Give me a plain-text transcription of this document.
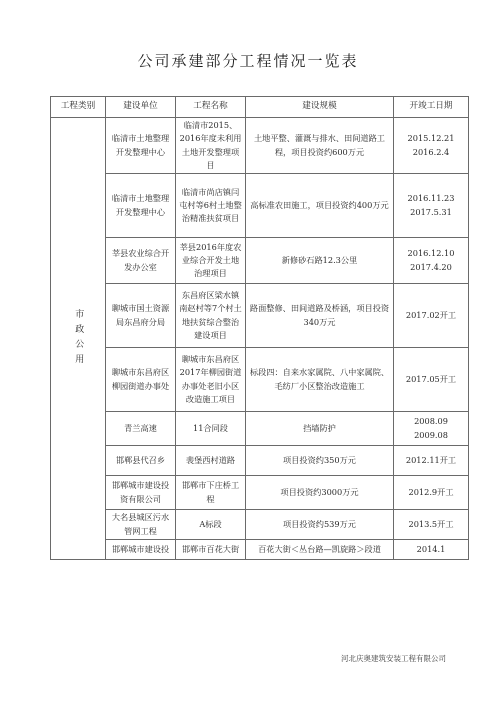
公司承建部分工程情况一览表
工程类别	建设单位	工程名称	建设规模	开竣工日期
市政公用	临清市土地整理开发整理中心	临清市2015、2016年度未利用土地开发整理项目	土地平整、灌溉与排水、田间道路工程，项目投资约600万元	2015.12.21
2016.2.4

	临清市土地整理开发整理中心	临清市尚店镇闫屯村等6村土地整治精准扶贫项目	高标准农田施工，项目投资约400万元	2016.11.23
2017.5.31

	莘县农业综合开发办公室	莘县2016年度农业综合开发土地治理项目	新修砂石路12.3公里	2016.12.10
2017.4.20

	聊城市国土资源局东昌府分局	东昌府区梁水镇南赵村等7个村土地扶贫综合整治建设项目	路面整修、田间道路及桥涵，项目投资340万元	2017.02开工

	聊城市东昌府区柳园街道办事处	聊城市东昌府区2017年柳园街道办事处老旧小区改造施工项目	标段四：自来水家属院、八中家属院、毛纺厂小区整治改造施工	2017.05开工

	青兰高速	11合同段	挡墙防护	2008.09
2009.08

	邯郸县代召乡	裴堡西村道路	项目投资约350万元	2012.11开工

	邯郸城市建设投资有限公司	邯郸市下庄桥工程	项目投资约3000万元	2012.9开工

	大名县城区污水管网工程	A标段	项目投资约539万元	2013.5开工

	邯郸城市建设投	邯郸市百花大街	百花大街＜丛台路—凯旋路＞段道	2014.1
河北庆奥建筑安装工程有限公司
